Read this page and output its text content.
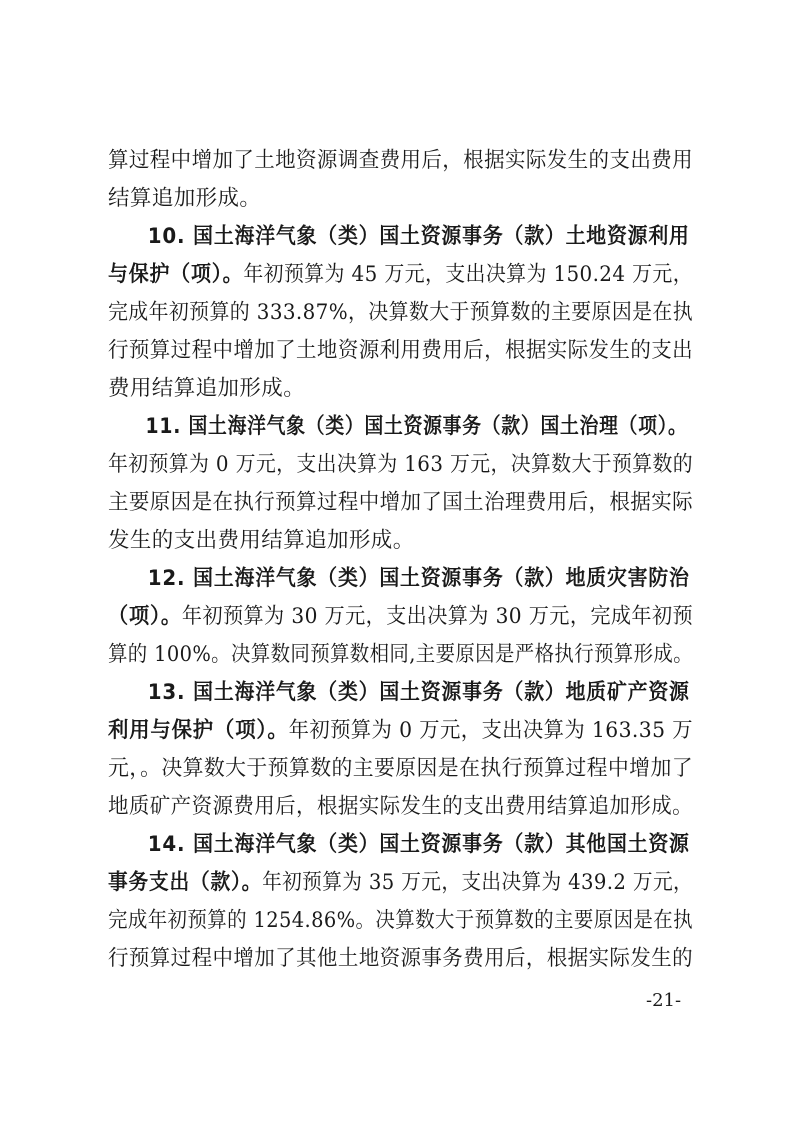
算过程中增加了土地资源调查费用后，根据实际发生的支出费用
结算追加形成。
10. 国土海洋气象（类）国土资源事务（款）土地资源利用
与保护（项）。年初预算为 45 万元，支出决算为 150.24 万元，
完成年初预算的 333.87%，决算数大于预算数的主要原因是在执
行预算过程中增加了土地资源利用费用后，根据实际发生的支出
费用结算追加形成。
11. 国土海洋气象（类）国土资源事务（款）国土治理（项）。
年初预算为 0 万元，支出决算为 163 万元，决算数大于预算数的
主要原因是在执行预算过程中增加了国土治理费用后，根据实际
发生的支出费用结算追加形成。
12. 国土海洋气象（类）国土资源事务（款）地质灾害防治
（项）。年初预算为 30 万元，支出决算为 30 万元，完成年初预
算的 100%。决算数同预算数相同,主要原因是严格执行预算形成。
13. 国土海洋气象（类）国土资源事务（款）地质矿产资源
利用与保护（项）。年初预算为 0 万元，支出决算为 163.35 万
元，。决算数大于预算数的主要原因是在执行预算过程中增加了
地质矿产资源费用后，根据实际发生的支出费用结算追加形成。
14. 国土海洋气象（类）国土资源事务（款）其他国土资源
事务支出（款）。年初预算为 35 万元，支出决算为 439.2 万元，
完成年初预算的 1254.86%。决算数大于预算数的主要原因是在执
行预算过程中增加了其他土地资源事务费用后，根据实际发生的
-21-
